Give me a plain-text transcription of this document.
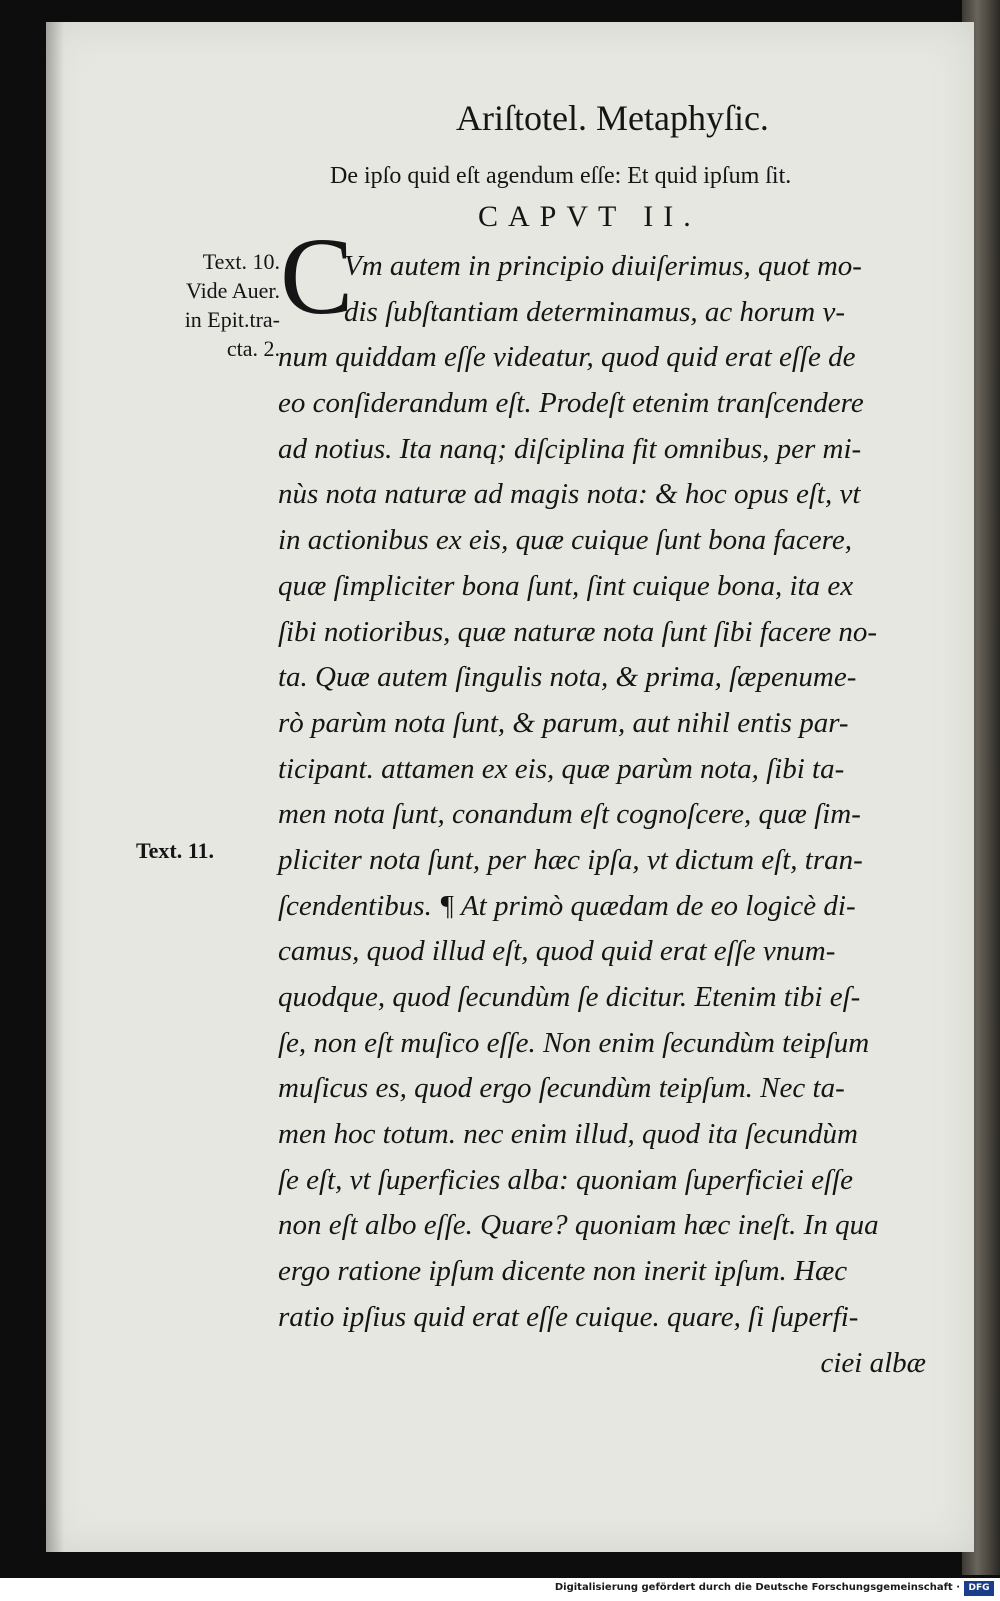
Ariſtotel. Metaphyſic.
De ipſo quid eſt agendum eſſe: Et quid ipſum ſit.
CAPVT II.
Text. 10.
Vide Auer.
in Epit.tra-
cta. 2.
Text. 11.
C
Vm autem in principio diuiſerimus, quot mo-
dis ſubſtantiam determinamus, ac horum v-
num quiddam eſſe videatur, quod quid erat eſſe de
eo conſiderandum eſt. Prodeſt etenim tranſcendere
ad notius. Ita nanq; diſciplina fit omnibus, per mi-
nùs nota naturæ ad magis nota: & hoc opus eſt, vt
in actionibus ex eis, quæ cuique ſunt bona facere,
quæ ſimpliciter bona ſunt, ſint cuique bona, ita ex
ſibi notioribus, quæ naturæ nota ſunt ſibi facere no-
ta. Quæ autem ſingulis nota, & prima, ſæpenume-
rò parùm nota ſunt, & parum, aut nihil entis par-
ticipant. attamen ex eis, quæ parùm nota, ſibi ta-
men nota ſunt, conandum eſt cognoſcere, quæ ſim-
pliciter nota ſunt, per hæc ipſa, vt dictum eſt, tran-
ſcendentibus. ¶ At primò quædam de eo logicè di-
camus, quod illud eſt, quod quid erat eſſe vnum-
quodque, quod ſecundùm ſe dicitur. Etenim tibi eſ-
ſe, non eſt muſico eſſe. Non enim ſecundùm teipſum
muſicus es, quod ergo ſecundùm teipſum. Nec ta-
men hoc totum. nec enim illud, quod ita ſecundùm
ſe eſt, vt ſuperficies alba: quoniam ſuperficiei eſſe
non eſt albo eſſe. Quare? quoniam hæc ineſt. In qua
ergo ratione ipſum dicente non inerit ipſum. Hæc
ratio ipſius quid erat eſſe cuique. quare, ſi ſuperfi-
ciei albæ
Digitalisierung gefördert durch die Deutsche Forschungsgemeinschaft · DFG
